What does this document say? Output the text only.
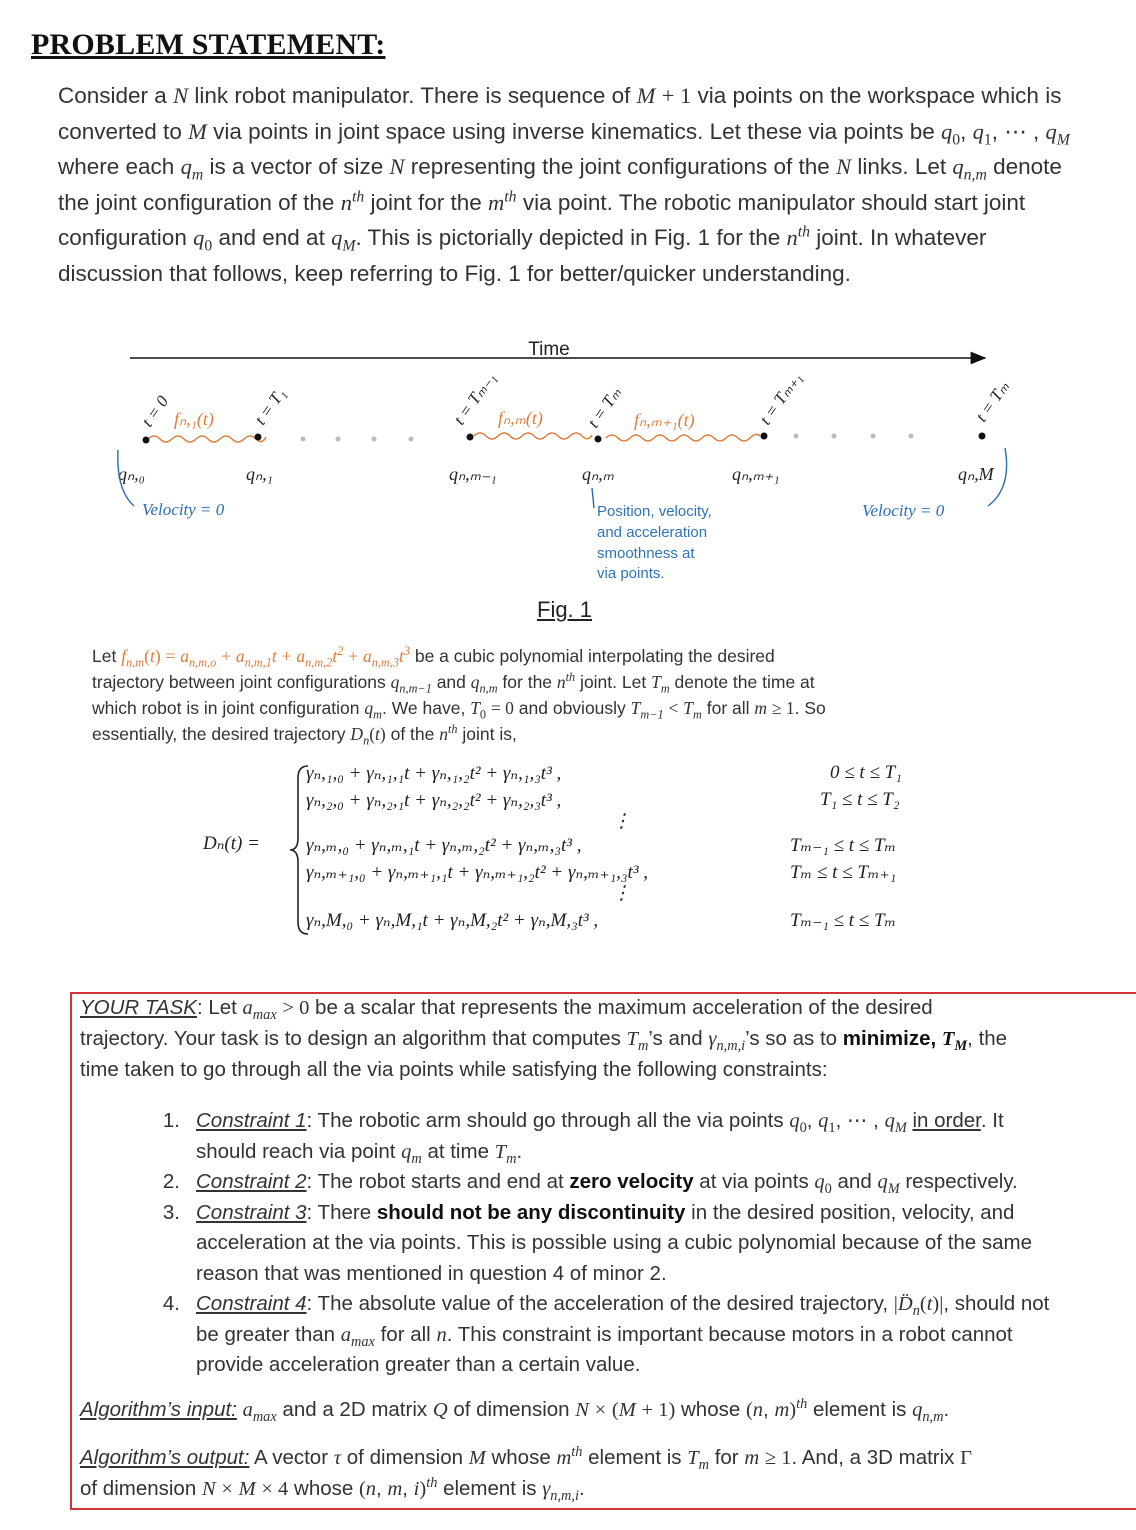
PROBLEM STATEMENT:

Consider a N link robot manipulator. There is sequence of M + 1 via points on the workspace which is

converted to M via points in joint space using inverse kinematics. Let these via points be $q_0$, $q_1$, ⋯ , $q_M$

where each $q_m$ is a vector of size N representing the joint configurations of the N links. Let $q_{n,m}$ denote

the joint configuration of the $n^{th}$ joint for the $m^{th}$ via point. The robotic manipulator should start joint

configuration $q_0$ and end at $q_M$. This is pictorially depicted in Fig. 1 for the $n^{th}$ joint. In whatever

discussion that follows, keep referring to Fig. 1 for better/quicker understanding.

Time
t = 0	t = T₁	t = Tₘ₋₁	t = Tₘ	t = Tₘ₊₁	t = Tₘ
fₙ,₁(t)	fₙ,ₘ(t)	fₙ,ₘ₊₁(t)
qₙ,₀	qₙ,₁	qₙ,ₘ₋₁	qₙ,ₘ	qₙ,ₘ₊₁	qₙ,M
Velocity = 0	Velocity = 0
Position, velocity,
and acceleration
smoothness at
via points.
Fig. 1

Let $f_{n,m}(t) = a_{n,m,o} + a_{n,m,1}t + a_{n,m,2}t^2 + a_{n,m,3}t^3$ be a cubic polynomial interpolating the desired

trajectory between joint configurations $q_{n,m-1}$ and $q_{n,m}$ for the $n^{th}$ joint. Let $T_m$ denote the time at

which robot is in joint configuration $q_m$. We have, $T_0 = 0$ and obviously $T_{m-1} < T_m$ for all m ≥ 1. So

essentially, the desired trajectory $D_n(t)$ of the $n^{th}$ joint is,

Dₙ(t) =
γₙ,₁,₀ + γₙ,₁,₁t + γₙ,₁,₂t² + γₙ,₁,₃t³ ,	0 ≤ t ≤ T₁
γₙ,₂,₀ + γₙ,₂,₁t + γₙ,₂,₂t² + γₙ,₂,₃t³ ,	T₁ ≤ t ≤ T₂
⋮
γₙ,ₘ,₀ + γₙ,ₘ,₁t + γₙ,ₘ,₂t² + γₙ,ₘ,₃t³ ,	Tₘ₋₁ ≤ t ≤ Tₘ
γₙ,ₘ₊₁,₀ + γₙ,ₘ₊₁,₁t + γₙ,ₘ₊₁,₂t² + γₙ,ₘ₊₁,₃t³ ,	Tₘ ≤ t ≤ Tₘ₊₁
⋮
γₙ,M,₀ + γₙ,M,₁t + γₙ,M,₂t² + γₙ,M,₃t³ ,	Tₘ₋₁ ≤ t ≤ Tₘ

YOUR TASK: Let $a_{max} > 0$ be a scalar that represents the maximum acceleration of the desired

trajectory. Your task is to design an algorithm that computes $T_m’s$ and $\gamma_{n,m,i}’s$ so as to minimize, $T_M$, the

time taken to go through all the via points while satisfying the following constraints:

1. Constraint 1: The robotic arm should go through all the via points $q_0$, $q_1$, ⋯ , $q_M$ in order. It
should reach via point $q_m$ at time $T_m$.
2. Constraint 2: The robot starts and end at zero velocity at via points $q_0$ and $q_M$ respectively.
3. Constraint 3: There should not be any discontinuity in the desired position, velocity, and
acceleration at the via points. This is possible using a cubic polynomial because of the same
reason that was mentioned in question 4 of minor 2.
4. Constraint 4: The absolute value of the acceleration of the desired trajectory, $|D̈_n(t)|$, should not
be greater than $a_{max}$ for all n. This constraint is important because motors in a robot cannot
provide acceleration greater than a certain value.

Algorithm’s input: $a_{max}$ and a 2D matrix Q of dimension N × (M + 1) whose (n, m)$^{th}$ element is $q_{n,m}$.

Algorithm’s output: A vector τ of dimension M whose $m^{th}$ element is $T_m$ for m ≥ 1. And, a 3D matrix Γ

of dimension N × M × 4 whose (n, m, i)$^{th}$ element is $\gamma_{n,m,i}$.
